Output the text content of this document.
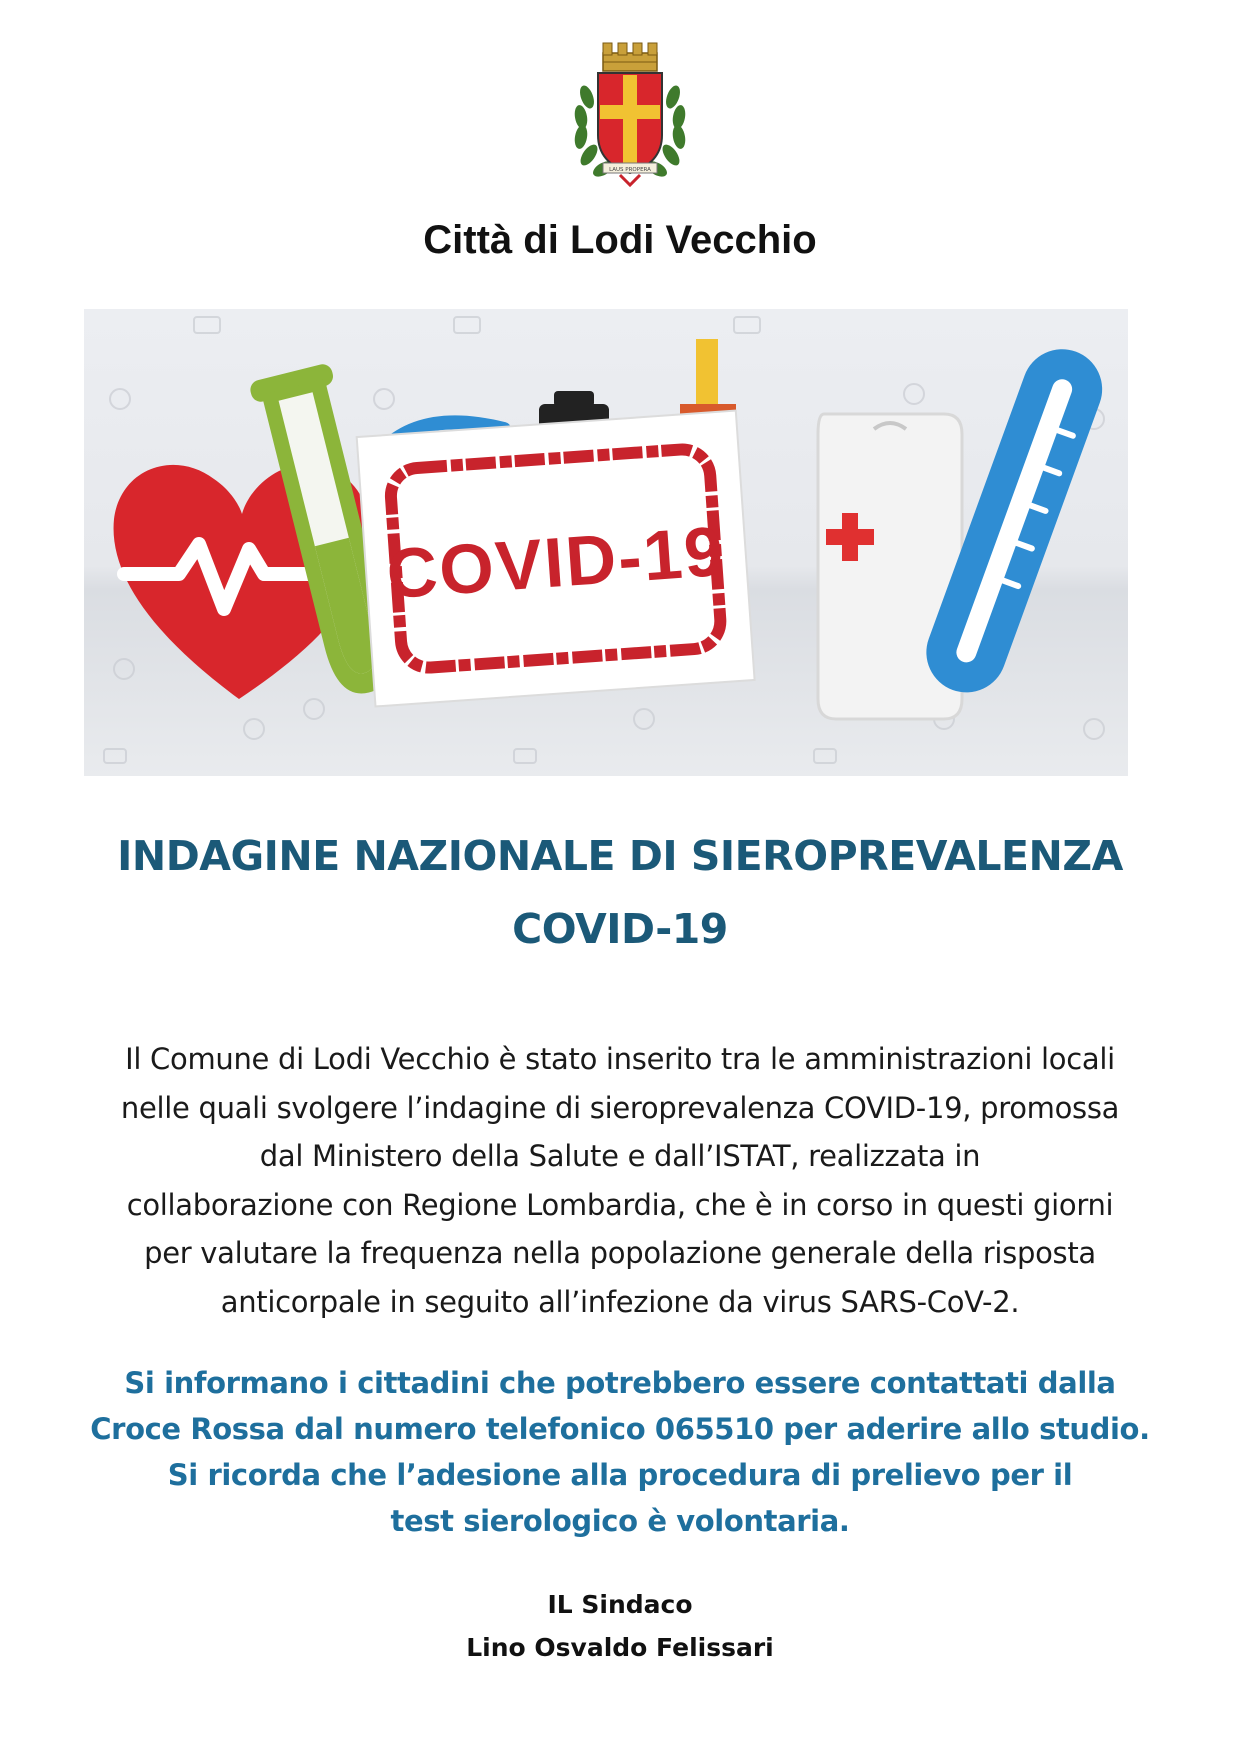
LAUS PROPERA
Città di Lodi Vecchio
COVID-19
INDAGINE NAZIONALE DI SIEROPREVALENZA
COVID-19

Il Comune di Lodi Vecchio è stato inserito tra le amministrazioni locali
nelle quali svolgere l’indagine di sieroprevalenza COVID-19, promossa
dal Ministero della Salute e dall’ISTAT, realizzata in
collaborazione con Regione Lombardia, che è in corso in questi giorni
per valutare la frequenza nella popolazione generale della risposta
anticorpale in seguito all’infezione da virus SARS-CoV-2.

Si informano i cittadini che potrebbero essere contattati dalla
Croce Rossa dal numero telefonico 065510 per aderire allo studio.
Si ricorda che l’adesione alla procedura di prelievo per il
test sierologico è volontaria.

IL Sindaco
Lino Osvaldo Felissari
